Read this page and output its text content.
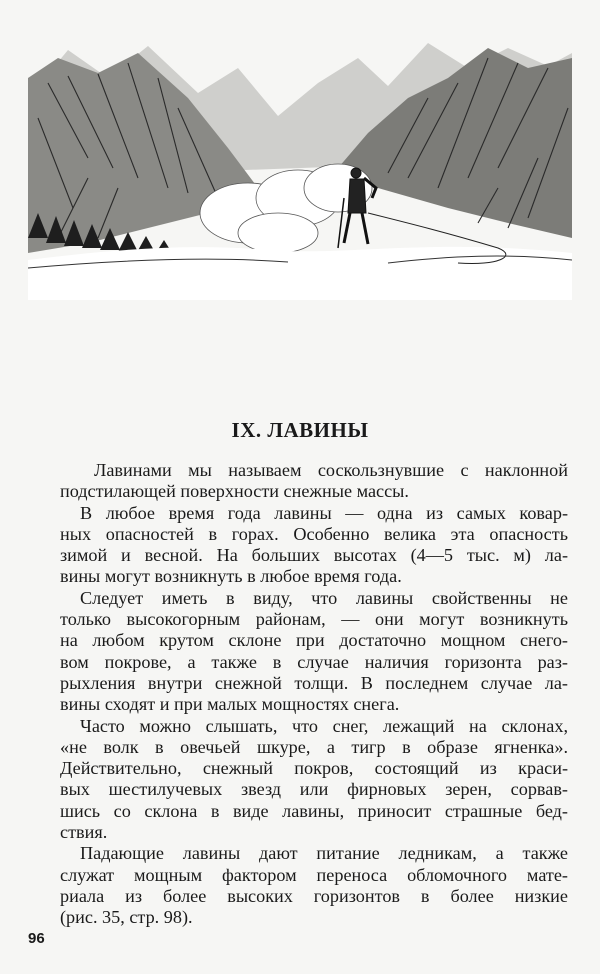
IX. ЛАВИНЫ

Лавинами мы называем соскользнувшие с наклонной

подстилающей поверхности снежные массы.

В любое время года лавины — одна из самых ковар-

ных опасностей в горах. Особенно велика эта опасность

зимой и весной. На больших высотах (4—5 тыс. м) ла-

вины могут возникнуть в любое время года.

Следует иметь в виду, что лавины свойственны не

только высокогорным районам, — они могут возникнуть

на любом крутом склоне при достаточно мощном снего-

вом покрове, а также в случае наличия горизонта раз-

рыхления внутри снежной толщи. В последнем случае ла-

вины сходят и при малых мощностях снега.

Часто можно слышать, что снег, лежащий на склонах,

«не волк в овечьей шкуре, а тигр в образе ягненка».

Действительно, снежный покров, состоящий из краси-

вых шестилучевых звезд или фирновых зерен, сорвав-

шись со склона в виде лавины, приносит страшные бед-

ствия.

Падающие лавины дают питание ледникам, а также

служат мощным фактором переноса обломочного мате-

риала из более высоких горизонтов в более низкие

(рис. 35, стр. 98).

96
